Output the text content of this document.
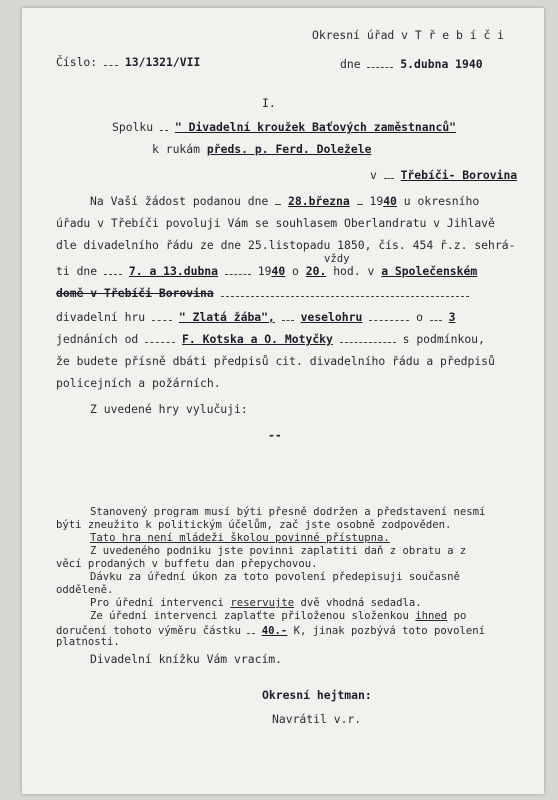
Okresní úřad v T ř e b í č i
Číslo: 13/1321/VII	dne	5.dubna 1940
I.
Spolku " Divadelní kroužek Baťových zaměstnanců"
k rukám předs. p. Ferd. Doležele
v Třebíči- Borovina
Na Vaší žádost podanou dne 28.března 1940 u okresního
úřadu v Třebíči povoluji Vám se souhlasem Oberlandratu v Jihlavě
dle divadelního řádu ze dne 25.listopadu 1850, čís. 454 ř.z. sehrá-
vždy
ti dne	7. a 13.dubna	1940 o 20. hod. v a Společenském
domě v Třebíči Borovina
divadelní hru	" Zlatá žába", veselohru	o 3
jednáních od	F. Kotska a O. Motyčky	s podmínkou,
že budete přísně dbáti předpisů cit. divadelního řádu a předpisů
policejních a požárních.
Z uvedené hry vylučuji:
--
Stanovený program musí býti přesně dodržen a představení nesmí
býti zneužito k politickým účelům, zač jste osobně zodpověden.
Tato hra není mládeži školou povinné přístupna.
Z uvedeného podniku jste povinni zaplatiti daň z obratu a z
věcí prodaných v buffetu dan přepychovou.
Dávku za úřední úkon za toto povolení předepisuji současně
odděleně.
Pro úřední intervenci reservujte dvě vhodná sedadla.
Ze úřední intervenci zaplaťte přiloženou složenkou ihned po
doručení tohoto výměru částku 40.- K, jinak pozbývá toto povolení
platnosti.
Divadelní knížku Vám vracím.
Okresní hejtman:
Navrátil v.r.
